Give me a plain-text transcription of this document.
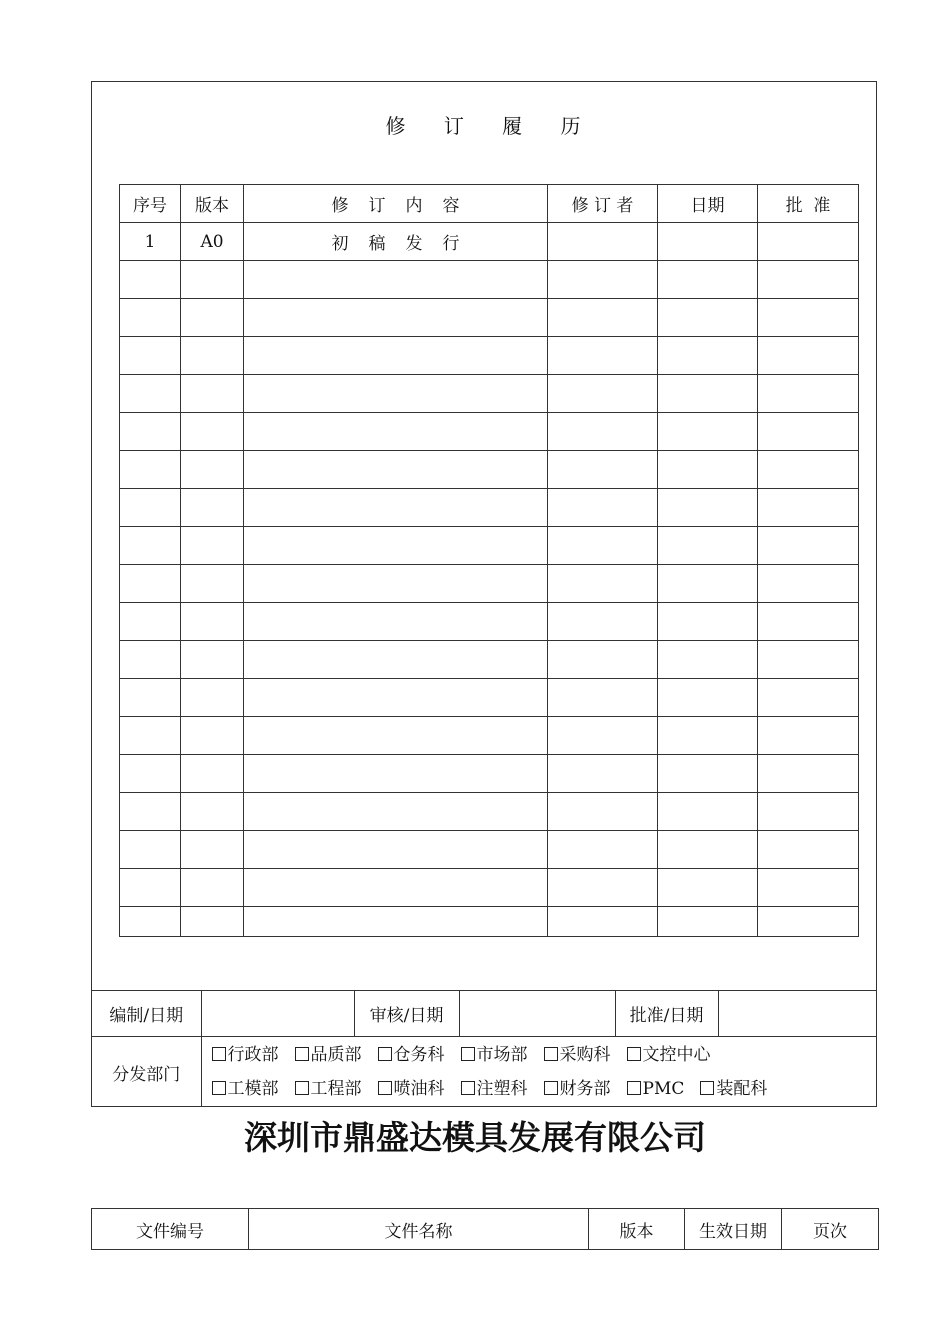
修 订 履 历
序号	版本	修 订 内 容	修 订 者	日期	批  准
1	A0	初 稿 发 行			

编制/日期		审核/日期		批准/日期	
分发部门	行政部 品质部 仓务科 市场部 采购科 文控中心
工模部 工程部 喷油科 注塑科 财务部 PMC 装配科				
深圳市鼎盛达模具发展有限公司
文件编号	文件名称	版本	生效日期	页次
